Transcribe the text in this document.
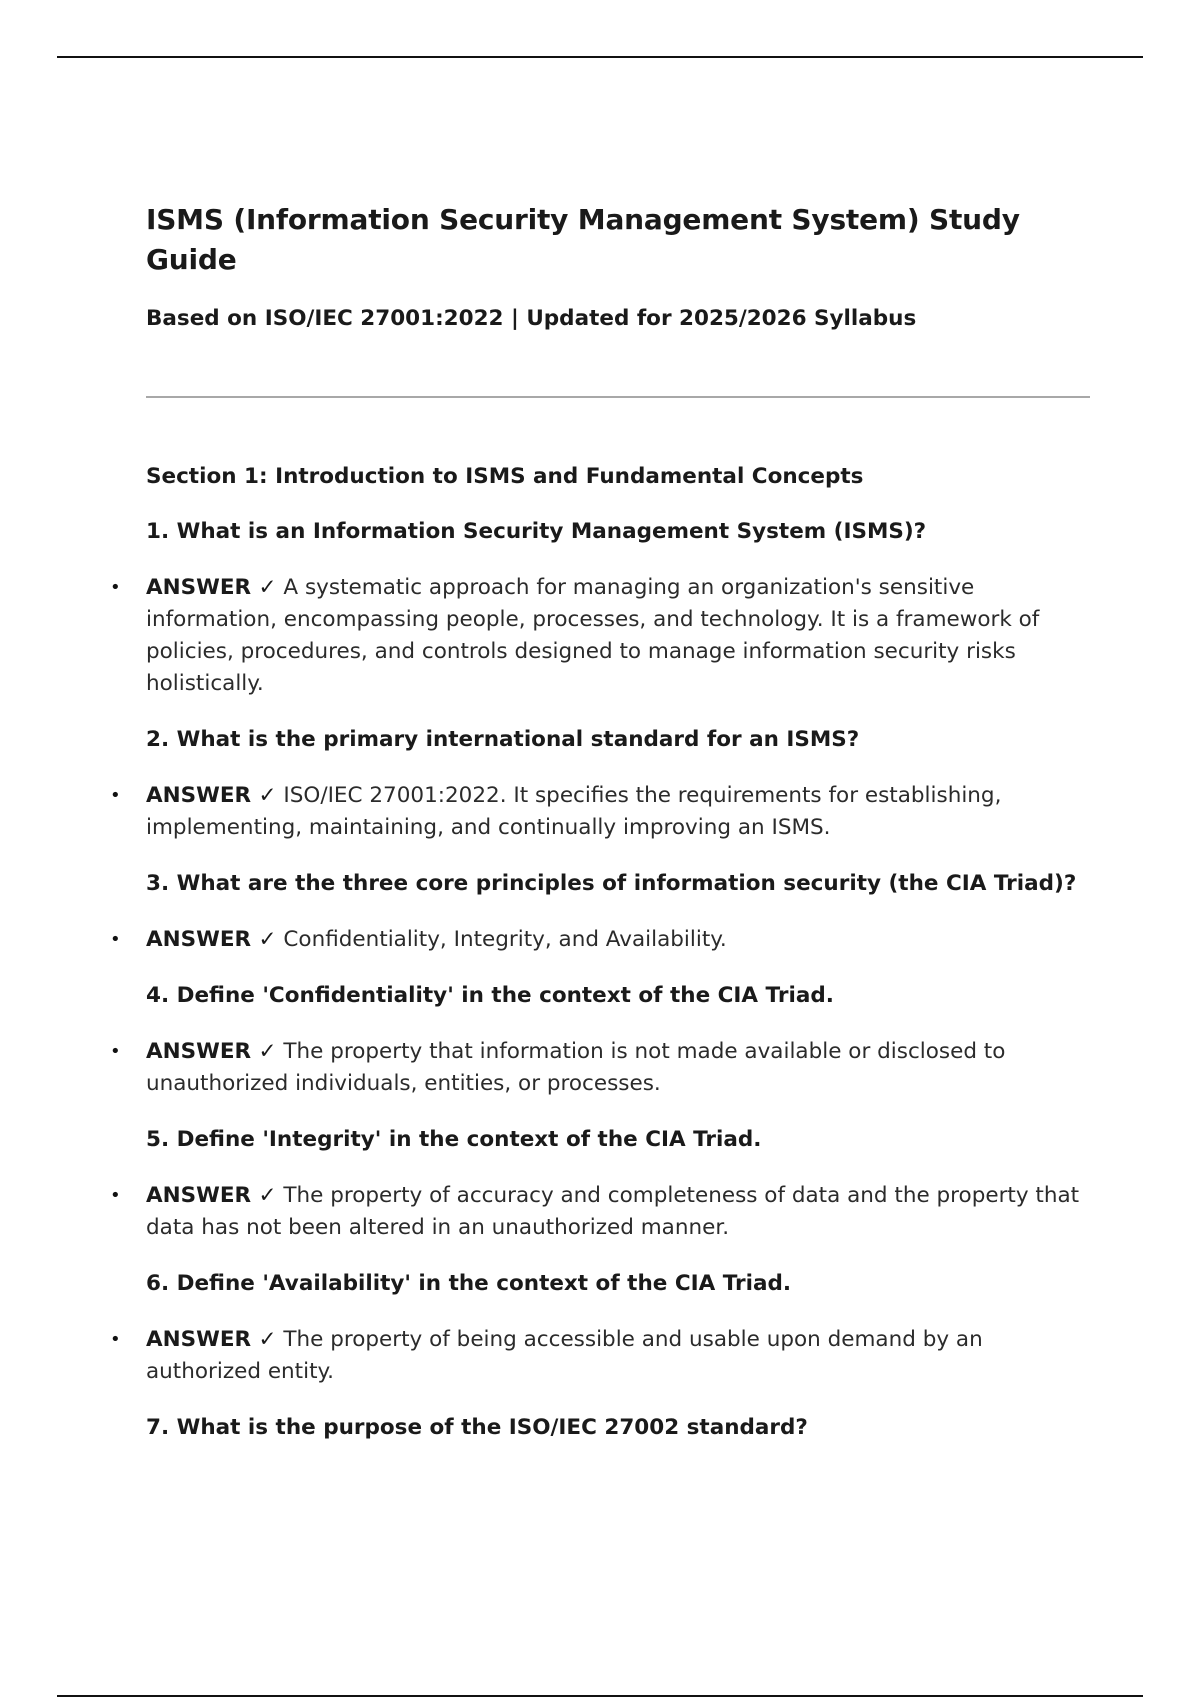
ISMS (Information Security Management System) Study Guide
Based on ISO/IEC 27001:2022 | Updated for 2025/2026 Syllabus
Section 1: Introduction to ISMS and Fundamental Concepts
1. What is an Information Security Management System (ISMS)?
• ANSWER ✓ A systematic approach for managing an organization's sensitive information, encompassing people, processes, and technology. It is a framework of policies, procedures, and controls designed to manage information security risks holistically.
2. What is the primary international standard for an ISMS?
• ANSWER ✓ ISO/IEC 27001:2022. It specifies the requirements for establishing, implementing, maintaining, and continually improving an ISMS.
3. What are the three core principles of information security (the CIA Triad)?
• ANSWER ✓ Confidentiality, Integrity, and Availability.
4. Define 'Confidentiality' in the context of the CIA Triad.
• ANSWER ✓ The property that information is not made available or disclosed to unauthorized individuals, entities, or processes.
5. Define 'Integrity' in the context of the CIA Triad.
• ANSWER ✓ The property of accuracy and completeness of data and the property that data has not been altered in an unauthorized manner.
6. Define 'Availability' in the context of the CIA Triad.
• ANSWER ✓ The property of being accessible and usable upon demand by an authorized entity.
7. What is the purpose of the ISO/IEC 27002 standard?
